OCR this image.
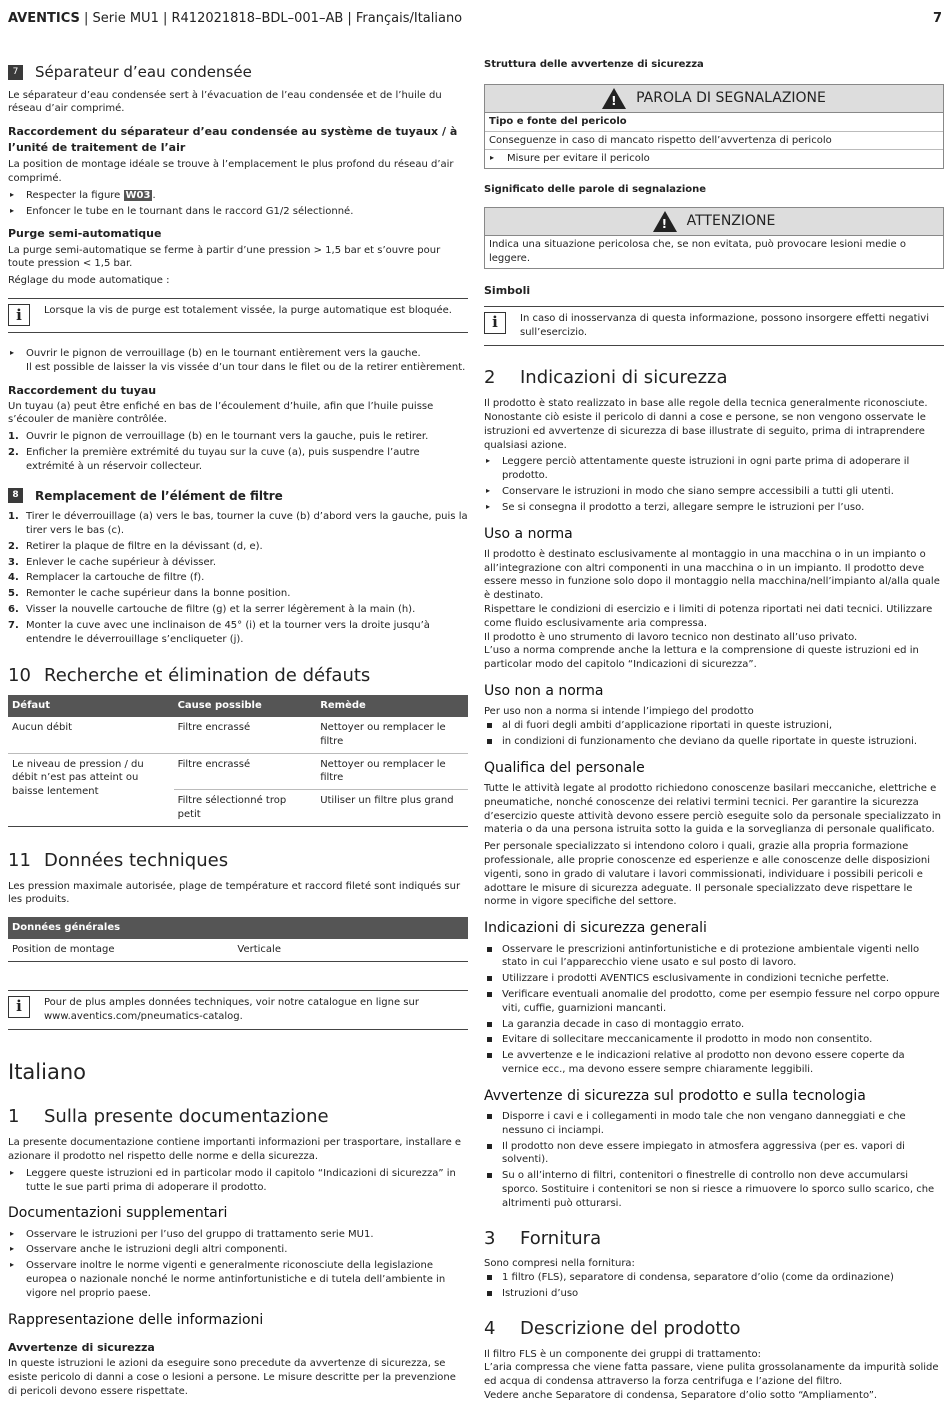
AVENTICS | Serie MU1 | R412021818–BDL–001–AB | Français/Italiano	7
7	Séparateur d’eau condensée

Le séparateur d’eau condensée sert à l’évacuation de l’eau condensée et de l’huile du réseau d’air comprimé.

Raccordement du séparateur d’eau condensée au système de tuyaux / à l’unité de traitement de l’air

La position de montage idéale se trouve à l’emplacement le plus profond du réseau d’air comprimé.

▸ Respecter la figure W03 .
▸ Enfoncer le tube en le tournant dans le raccord G1/2 sélectionné.
Purge semi-automatique

La purge semi-automatique se ferme à partir d’une pression > 1,5 bar et s’ouvre pour toute pression < 1,5 bar.

Réglage du mode automatique :

i	Lorsque la vis de purge est totalement vissée, la purge automatique est bloquée.
▸ Ouvrir le pignon de verrouillage (b) en le tournant entièrement vers la gauche.
Il est possible de laisser la vis vissée d’un tour dans le filet ou de la retirer entièrement.
Raccordement du tuyau

Un tuyau (a) peut être enfiché en bas de l’écoulement d’huile, afin que l’huile puisse s’écouler de manière contrôlée.

1. Ouvrir le pignon de verrouillage (b) en le tournant vers la gauche, puis le retirer.
2. Enficher la première extrémité du tuyau sur la cuve (a), puis suspendre l’autre extrémité à un réservoir collecteur.
8	Remplacement de l’élément de filtre
1. Tirer le déverrouillage (a) vers le bas, tourner la cuve (b) d’abord vers la gauche, puis la tirer vers le bas (c).
2. Retirer la plaque de filtre en la dévissant (d, e).
3. Enlever le cache supérieur à dévisser.
4. Remplacer la cartouche de filtre (f).
5. Remonter le cache supérieur dans la bonne position.
6. Visser la nouvelle cartouche de filtre (g) et la serrer légèrement à la main (h).
7. Monter la cuve avec une inclinaison de 45° (i) et la tourner vers la droite jusqu’à entendre le déverrouillage s’encliqueter (j).
10 Recherche et élimination de défauts
Défaut	Cause possible	Remède
Aucun débit	Filtre encrassé	Nettoyer ou remplacer le filtre
Le niveau de pression / du débit n’est pas atteint ou baisse lentement	Filtre encrassé	Nettoyer ou remplacer le filtre
	Filtre sélectionné trop petit	Utiliser un filtre plus grand
11 Données techniques

Les pression maximale autorisée, plage de température et raccord fileté sont indiqués sur les produits.

Données générales
Position de montage	Verticale
i	Pour de plus amples données techniques, voir notre catalogue en ligne sur www.aventics.com/pneumatics-catalog.
Italiano
1	Sulla presente documentazione

La presente documentazione contiene importanti informazioni per trasportare, installare e azionare il prodotto nel rispetto delle norme e della sicurezza.

▸ Leggere queste istruzioni ed in particolar modo il capitolo “Indicazioni di sicurezza” in tutte le sue parti prima di adoperare il prodotto.
Documentazioni supplementari
▸ Osservare le istruzioni per l’uso del gruppo di trattamento serie MU1.
▸ Osservare anche le istruzioni degli altri componenti.
▸ Osservare inoltre le norme vigenti e generalmente riconosciute della legislazione europea o nazionale nonché le norme antinfortunistiche e di tutela dell’ambiente in vigore nel proprio paese.
Rappresentazione delle informazioni
Avvertenze di sicurezza

In queste istruzioni le azioni da eseguire sono precedute da avvertenze di sicurezza, se esiste pericolo di danni a cose o lesioni a persone. Le misure descritte per la prevenzione di pericoli devono essere rispettate.

Struttura delle avvertenze di sicurezza
! PAROLA DI SEGNALAZIONE
Tipo e fonte del pericolo
Conseguenze in caso di mancato rispetto dell’avvertenza di pericolo
▸ Misure per evitare il pericolo
Significato delle parole di segnalazione
! ATTENZIONE
Indica una situazione pericolosa che, se non evitata, può provocare lesioni medie o leggere.
Simboli
i	In caso di inosservanza di questa informazione, possono insorgere effetti negativi sull’esercizio.
2	Indicazioni di sicurezza

Il prodotto è stato realizzato in base alle regole della tecnica generalmente riconosciute. Nonostante ciò esiste il pericolo di danni a cose e persone, se non vengono osservate le istruzioni ed avvertenze di sicurezza di base illustrate di seguito, prima di intraprendere qualsiasi azione.

▸ Leggere perciò attentamente queste istruzioni in ogni parte prima di adoperare il prodotto.
▸ Conservare le istruzioni in modo che siano sempre accessibili a tutti gli utenti.
▸ Se si consegna il prodotto a terzi, allegare sempre le istruzioni per l’uso.
Uso a norma

Il prodotto è destinato esclusivamente al montaggio in una macchina o in un impianto o all’integrazione con altri componenti in una macchina o in un impianto. Il prodotto deve essere messo in funzione solo dopo il montaggio nella macchina/nell’impianto al/alla quale è destinato.

Rispettare le condizioni di esercizio e i limiti di potenza riportati nei dati tecnici. Utilizzare come fluido esclusivamente aria compressa.

Il prodotto è uno strumento di lavoro tecnico non destinato all’uso privato.

L’uso a norma comprende anche la lettura e la comprensione di queste istruzioni ed in particolar modo del capitolo “Indicazioni di sicurezza”.

Uso non a norma

Per uso non a norma si intende l’impiego del prodotto

al di fuori degli ambiti d’applicazione riportati in queste istruzioni,
in condizioni di funzionamento che deviano da quelle riportate in queste istruzioni.
Qualifica del personale

Tutte le attività legate al prodotto richiedono conoscenze basilari meccaniche, elettriche e pneumatiche, nonché conoscenze dei relativi termini tecnici. Per garantire la sicurezza d’esercizio queste attività devono essere perciò eseguite solo da personale specializzato in materia o da una persona istruita sotto la guida e la sorveglianza di personale qualificato.

Per personale specializzato si intendono coloro i quali, grazie alla propria formazione professionale, alle proprie conoscenze ed esperienze e alle conoscenze delle disposizioni vigenti, sono in grado di valutare i lavori commissionati, individuare i possibili pericoli e adottare le misure di sicurezza adeguate. Il personale specializzato deve rispettare le norme in vigore specifiche del settore.

Indicazioni di sicurezza generali
Osservare le prescrizioni antinfortunistiche e di protezione ambientale vigenti nello stato in cui l’apparecchio viene usato e sul posto di lavoro.
Utilizzare i prodotti AVENTICS esclusivamente in condizioni tecniche perfette.
Verificare eventuali anomalie del prodotto, come per esempio fessure nel corpo oppure viti, cuffie, guarnizioni mancanti.
La garanzia decade in caso di montaggio errato.
Evitare di sollecitare meccanicamente il prodotto in modo non consentito.
Le avvertenze e le indicazioni relative al prodotto non devono essere coperte da vernice ecc., ma devono essere sempre chiaramente leggibili.
Avvertenze di sicurezza sul prodotto e sulla tecnologia
Disporre i cavi e i collegamenti in modo tale che non vengano danneggiati e che nessuno ci inciampi.
Il prodotto non deve essere impiegato in atmosfera aggressiva (per es. vapori di solventi).
Su o all’interno di filtri, contenitori o finestrelle di controllo non deve accumularsi sporco. Sostituire i contenitori se non si riesce a rimuovere lo sporco sullo scarico, che altrimenti può otturarsi.
3	Fornitura

Sono compresi nella fornitura:

1 filtro (FLS), separatore di condensa, separatore d’olio (come da ordinazione)
Istruzioni d’uso
4	Descrizione del prodotto

Il filtro FLS è un componente dei gruppi di trattamento:

L’aria compressa che viene fatta passare, viene pulita grossolanamente da impurità solide ed acqua di condensa attraverso la forza centrifuga e l’azione del filtro.

Vedere anche Separatore di condensa, Separatore d’olio sotto “Ampliamento”.
